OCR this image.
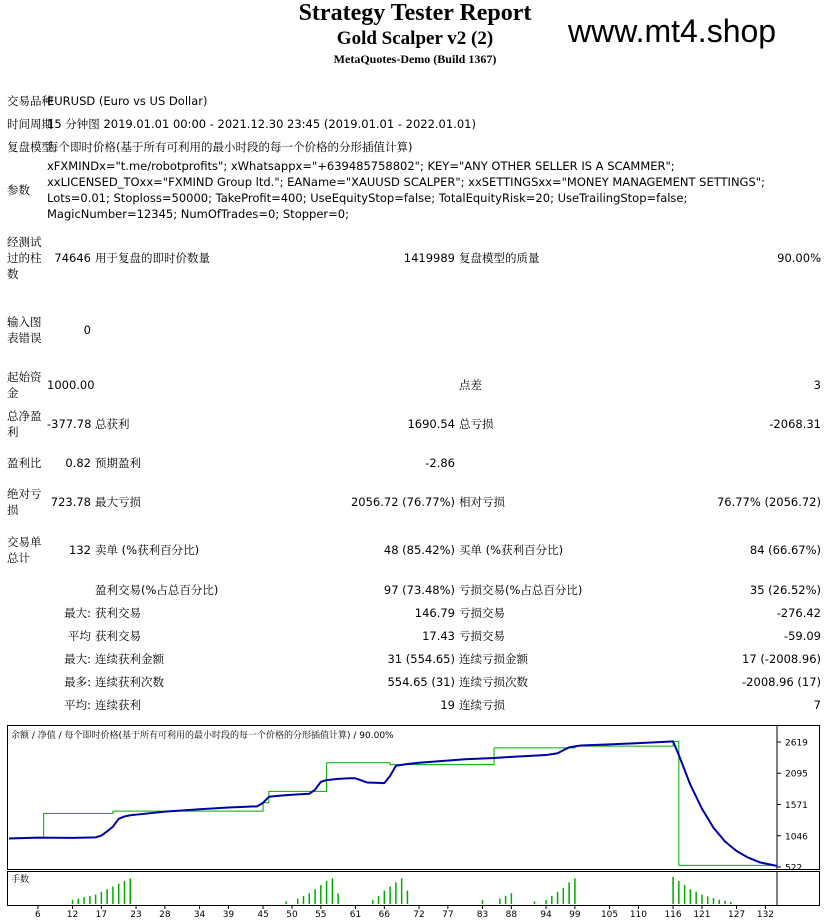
Strategy Tester Report
Gold Scalper v2 (2)
MetaQuotes-Demo (Build 1367)
www.mt4.shop
交易品种	EURUSD (Euro vs US Dollar)				
时间周期	15 分钟图 2019.01.01 00:00 - 2021.12.30 23:45 (2019.01.01 - 2022.01.01)				
复盘模型	每个即时价格(基于所有可利用的最小时段的每一个价格的分形插值计算)				
参数	xFXMINDx="t.me/robotprofits"; xWhatsappx="+639485758802"; KEY="ANY OTHER SELLER IS A SCAMMER"; xxLICENSED_TOxx="FXMIND Group ltd."; EAName="XAUUSD SCALPER"; xxSETTINGSxx="MONEY MANAGEMENT SETTINGS"; Lots=0.01; Stoploss=50000; TakeProfit=400; UseEquityStop=false; TotalEquityRisk=20; UseTrailingStop=false; MagicNumber=12345; NumOfTrades=0; Stopper=0;				
经测试过的柱数	74646	用于复盘的即时价数量	1419989	复盘模型的质量	90.00%
输入图表错误	0				
起始资金	1000.00			点差	3
总净盈利	-377.78	总获利	1690.54	总亏损	-2068.31
盈利比	0.82	预期盈利	-2.86		
绝对亏损	723.78	最大亏损	2056.72 (76.77%)	相对亏损	76.77% (2056.72)
交易单总计	132	卖单 (%获利百分比)	48 (85.42%)	买单 (%获利百分比)	84 (66.67%)
		盈利交易(%占总百分比)	97 (73.48%)	亏损交易(%占总百分比)	35 (26.52%)
	最大:	获利交易	146.79	亏损交易	-276.42
	平均	获利交易	17.43	亏损交易	-59.09
	最大:	连续获利金额	31 (554.65)	连续亏损金额	17 (-2008.96)
	最多:	连续获利次数	554.65 (31)	连续亏损次数	-2008.96 (17)
	平均:	连续获利	19	连续亏损	7
余额 / 净值 / 每个即时价格(基于所有可利用的最小时段的每一个价格的分形插值计算) / 90.00%
2619
2095
1571
1046
522
手数
6	12 17	23 28	34 39	45 50 55	61 66	72 77	83 88	94 99 105 110 116 121 127 132
